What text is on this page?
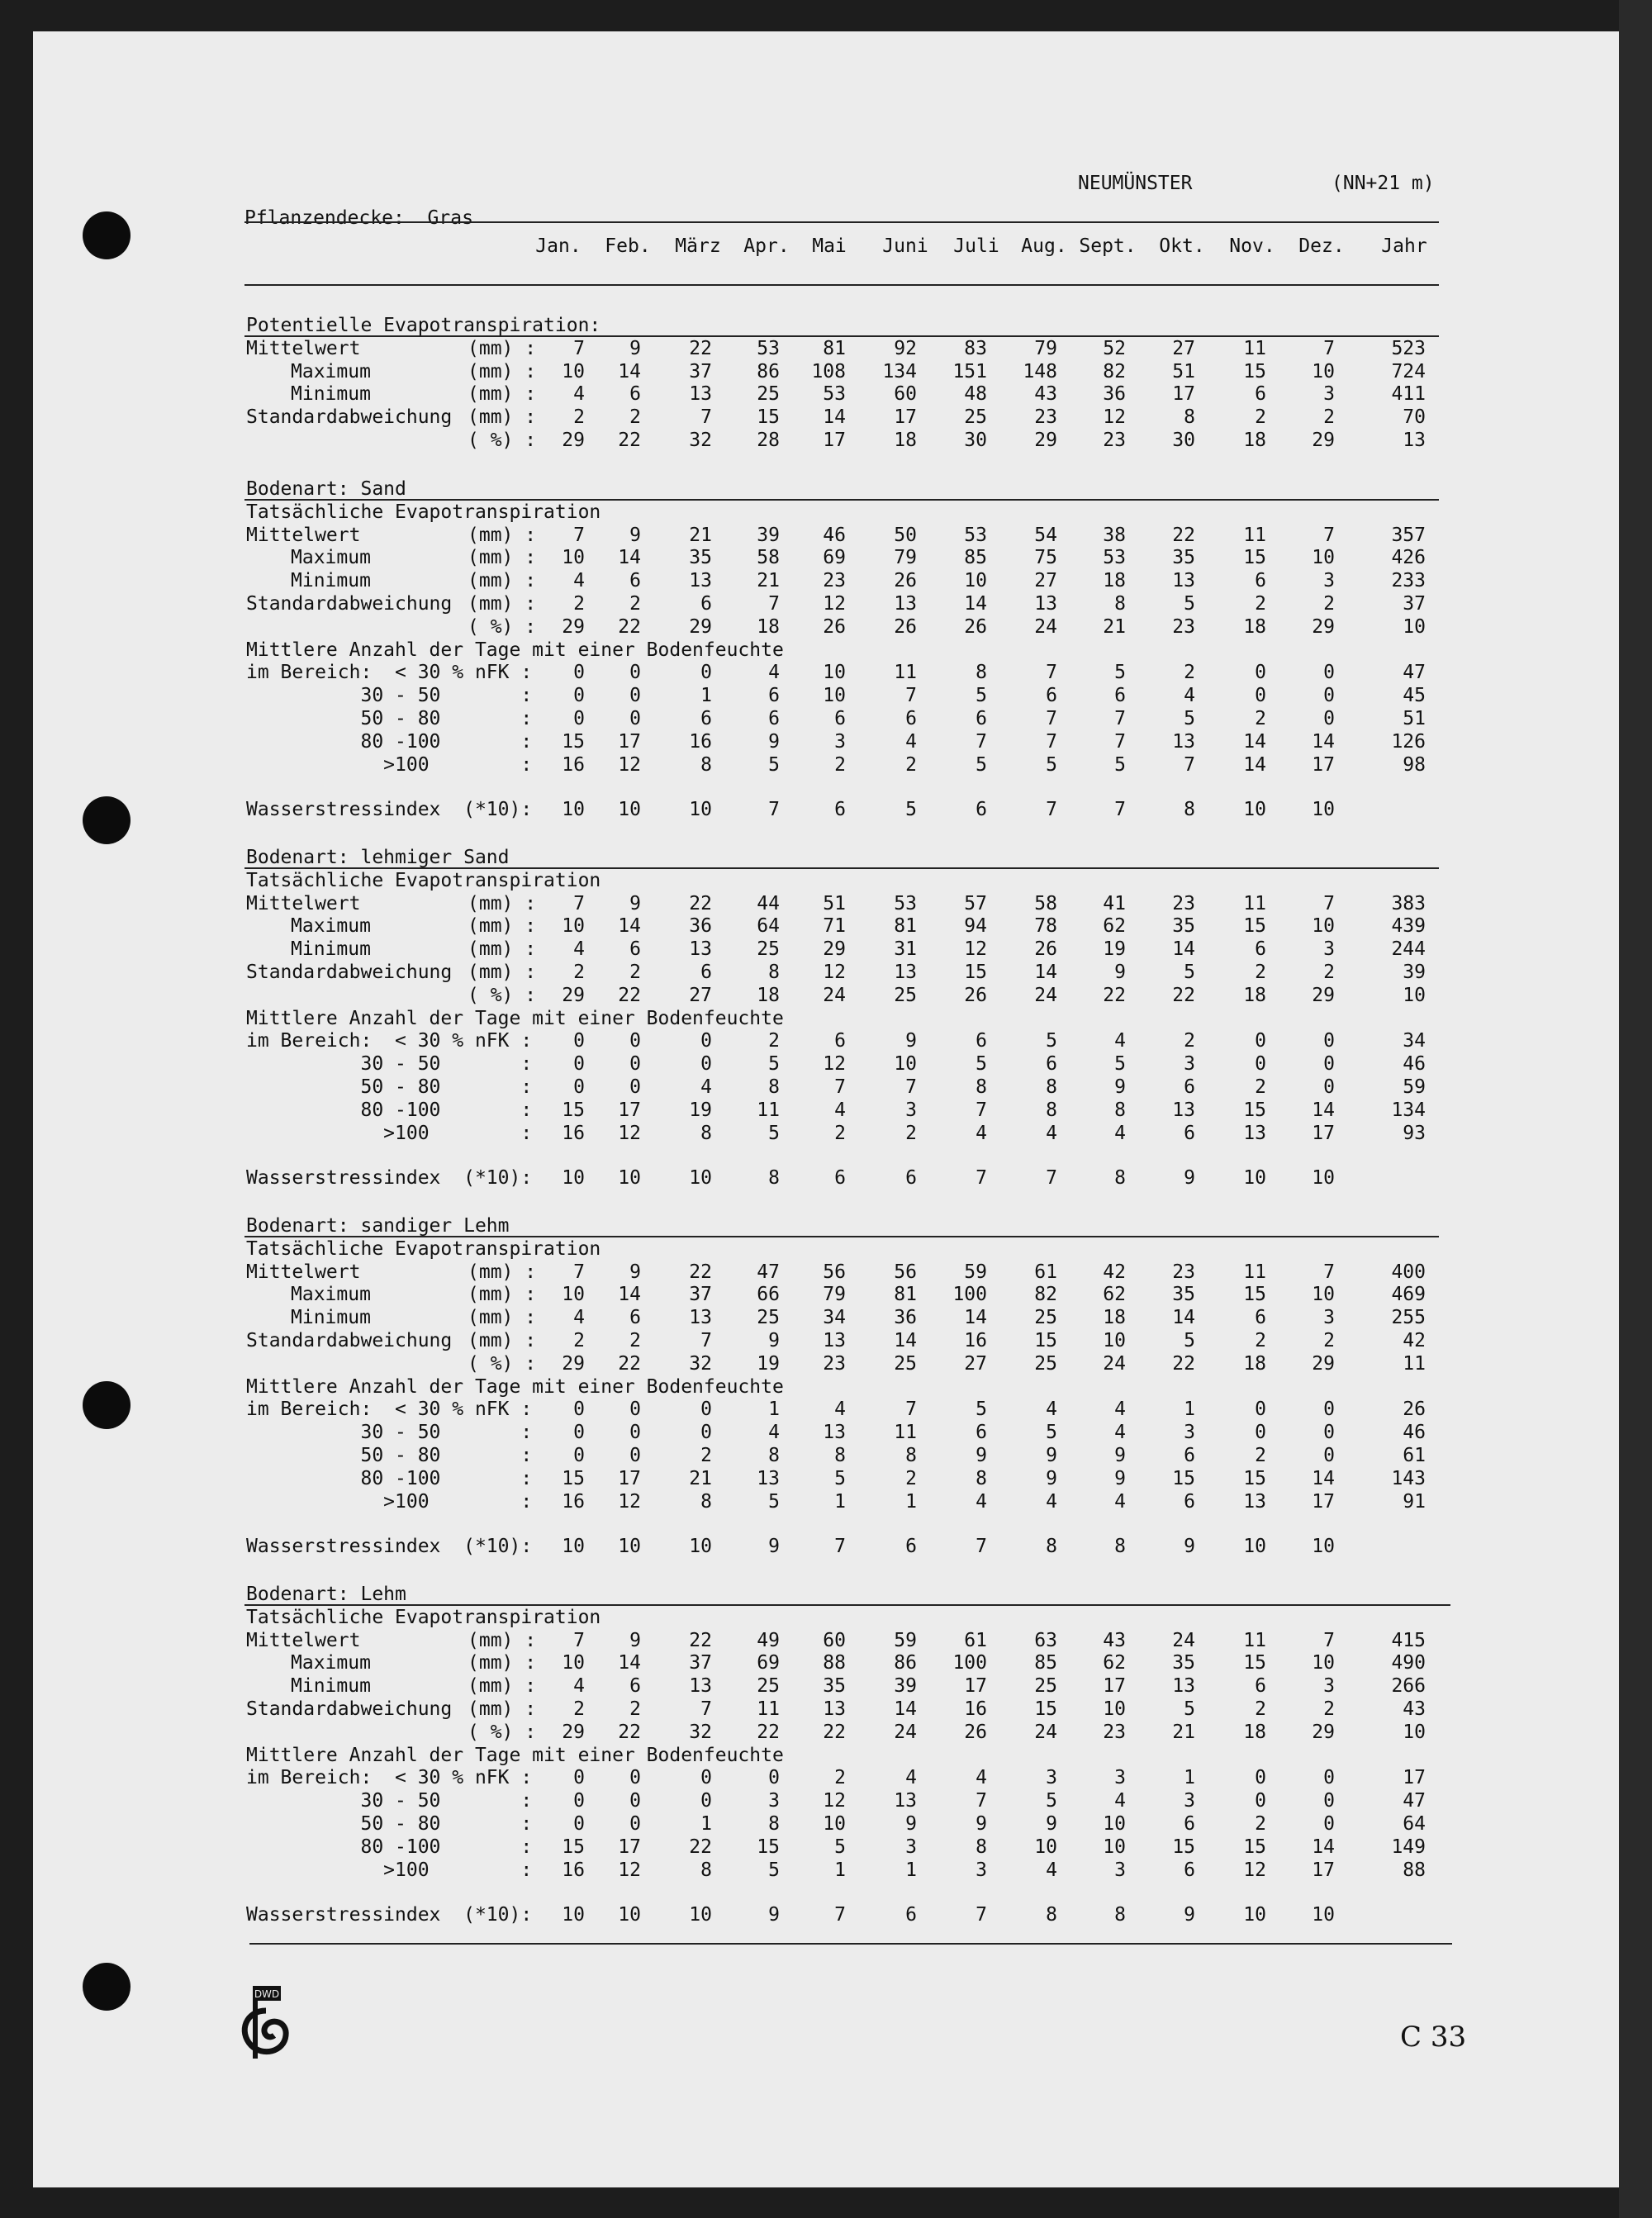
NEUMÜNSTER	(NN+21 m)
Pflanzendecke:  Gras
Jan.	Feb.	März	Apr.	Mai	Juni	Juli	Aug. Sept.	Okt.	Nov.	Dez.	Jahr
Potentielle Evapotranspiration:
Mittelwert	(mm) :	7	9	22	53	81	92	83	79	52	27	11	7	523
Maximum	(mm) :	10	14	37	86	108	134	151	148	82	51	15	10	724
Minimum	(mm) :	4	6	13	25	53	60	48	43	36	17	6	3	411
Standardabweichung (mm) :	2	2	7	15	14	17	25	23	12	8	2	2	70
( %) :	29	22	32	28	17	18	30	29	23	30	18	29	13
Bodenart: Sand
Tatsächliche Evapotranspiration
Mittelwert	(mm) :	7	9	21	39	46	50	53	54	38	22	11	7	357
Maximum	(mm) :	10	14	35	58	69	79	85	75	53	35	15	10	426
Minimum	(mm) :	4	6	13	21	23	26	10	27	18	13	6	3	233
Standardabweichung (mm) :	2	2	6	7	12	13	14	13	8	5	2	2	37
( %) :	29	22	29	18	26	26	26	24	21	23	18	29	10
Mittlere Anzahl der Tage mit einer Bodenfeuchte
im Bereich:  < 30 % nFK :	0	0	0	4	10	11	8	7	5	2	0	0	47
30 - 50       :	0	0	1	6	10	7	5	6	6	4	0	0	45
50 - 80       :	0	0	6	6	6	6	6	7	7	5	2	0	51
80 -100       :	15	17	16	9	3	4	7	7	7	13	14	14	126
>100        :	16	12	8	5	2	2	5	5	5	7	14	17	98
Wasserstressindex  (*10):	10	10	10	7	6	5	6	7	7	8	10	10
Bodenart: lehmiger Sand
Tatsächliche Evapotranspiration
Mittelwert	(mm) :	7	9	22	44	51	53	57	58	41	23	11	7	383
Maximum	(mm) :	10	14	36	64	71	81	94	78	62	35	15	10	439
Minimum	(mm) :	4	6	13	25	29	31	12	26	19	14	6	3	244
Standardabweichung (mm) :	2	2	6	8	12	13	15	14	9	5	2	2	39
( %) :	29	22	27	18	24	25	26	24	22	22	18	29	10
Mittlere Anzahl der Tage mit einer Bodenfeuchte
im Bereich:  < 30 % nFK :	0	0	0	2	6	9	6	5	4	2	0	0	34
30 - 50       :	0	0	0	5	12	10	5	6	5	3	0	0	46
50 - 80       :	0	0	4	8	7	7	8	8	9	6	2	0	59
80 -100       :	15	17	19	11	4	3	7	8	8	13	15	14	134
>100        :	16	12	8	5	2	2	4	4	4	6	13	17	93
Wasserstressindex  (*10):	10	10	10	8	6	6	7	7	8	9	10	10
Bodenart: sandiger Lehm
Tatsächliche Evapotranspiration
Mittelwert	(mm) :	7	9	22	47	56	56	59	61	42	23	11	7	400
Maximum	(mm) :	10	14	37	66	79	81	100	82	62	35	15	10	469
Minimum	(mm) :	4	6	13	25	34	36	14	25	18	14	6	3	255
Standardabweichung (mm) :	2	2	7	9	13	14	16	15	10	5	2	2	42
( %) :	29	22	32	19	23	25	27	25	24	22	18	29	11
Mittlere Anzahl der Tage mit einer Bodenfeuchte
im Bereich:  < 30 % nFK :	0	0	0	1	4	7	5	4	4	1	0	0	26
30 - 50       :	0	0	0	4	13	11	6	5	4	3	0	0	46
50 - 80       :	0	0	2	8	8	8	9	9	9	6	2	0	61
80 -100       :	15	17	21	13	5	2	8	9	9	15	15	14	143
>100        :	16	12	8	5	1	1	4	4	4	6	13	17	91
Wasserstressindex  (*10):	10	10	10	9	7	6	7	8	8	9	10	10
Bodenart: Lehm
Tatsächliche Evapotranspiration
Mittelwert	(mm) :	7	9	22	49	60	59	61	63	43	24	11	7	415
Maximum	(mm) :	10	14	37	69	88	86	100	85	62	35	15	10	490
Minimum	(mm) :	4	6	13	25	35	39	17	25	17	13	6	3	266
Standardabweichung (mm) :	2	2	7	11	13	14	16	15	10	5	2	2	43
( %) :	29	22	32	22	22	24	26	24	23	21	18	29	10
Mittlere Anzahl der Tage mit einer Bodenfeuchte
im Bereich:  < 30 % nFK :	0	0	0	0	2	4	4	3	3	1	0	0	17
30 - 50       :	0	0	0	3	12	13	7	5	4	3	0	0	47
50 - 80       :	0	0	1	8	10	9	9	9	10	6	2	0	64
80 -100       :	15	17	22	15	5	3	8	10	10	15	15	14	149
>100        :	16	12	8	5	1	1	3	4	3	6	12	17	88
Wasserstressindex  (*10):	10	10	10	9	7	6	7	8	8	9	10	10
DWD
C 33
